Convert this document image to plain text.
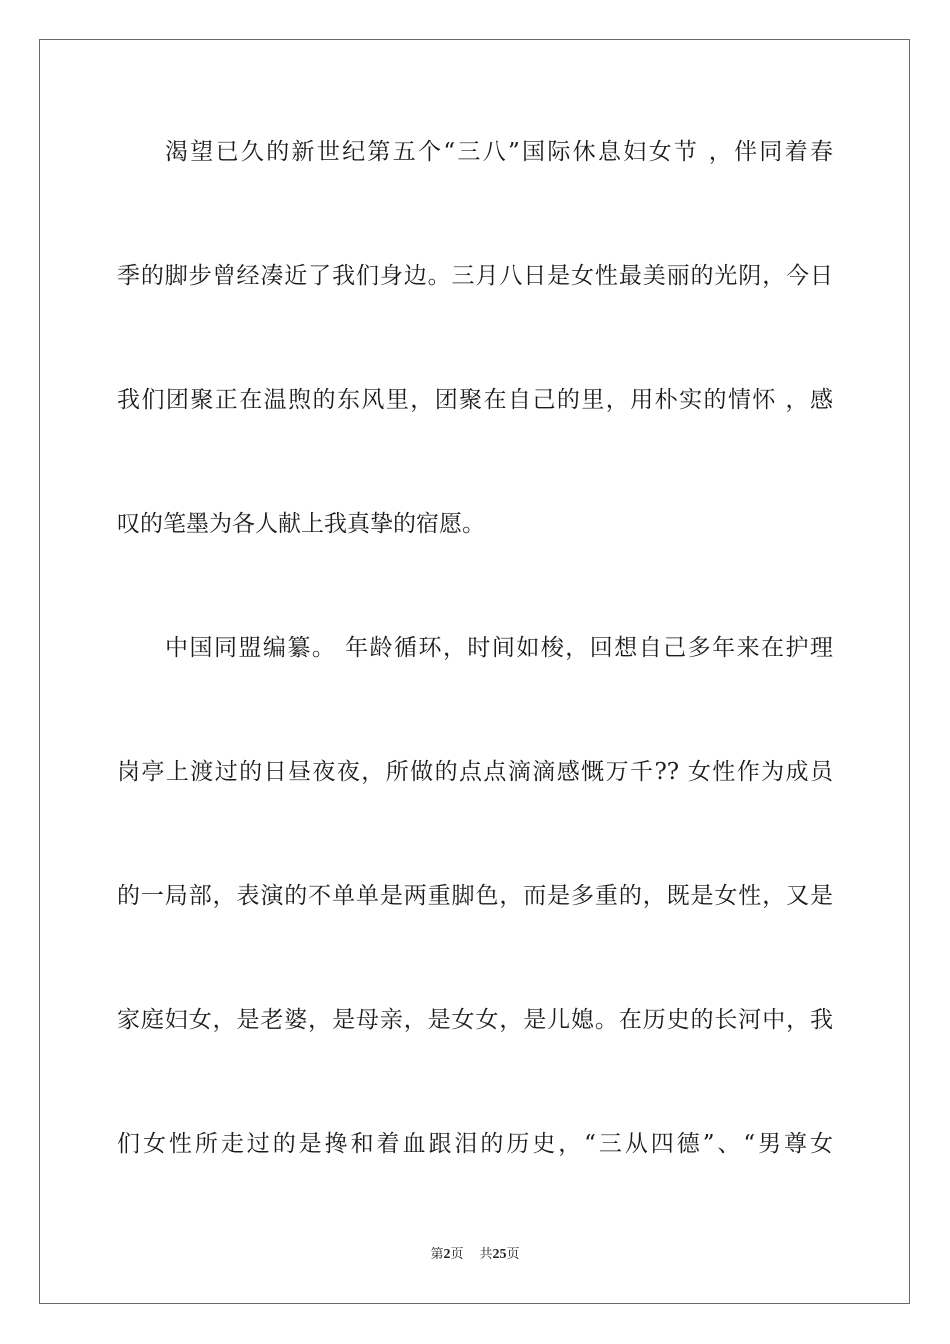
渴望已久的新世纪第五个“三八”国际休息妇女节 ，伴同着春
季的脚步曾经凑近了我们身边。三月八日是女性最美丽的光阴，今日
我们团聚正在温煦的东风里，团聚在自己的里，用朴实的情怀 ，感
叹的笔墨为各人献上我真挚的宿愿。
中国同盟编纂。 年龄循环，时间如梭，回想自己多年来在护理
岗亭上渡过的日昼夜夜，所做的点点滴滴感慨万千?? 女性作为成员
的一局部，表演的不单单是两重脚色，而是多重的，既是女性，又是
家庭妇女，是老婆，是母亲，是女女，是儿媳。在历史的长河中，我
们女性所走过的是搀和着血跟泪的历史，“三从四德”、“男尊女
第2页 共25页
